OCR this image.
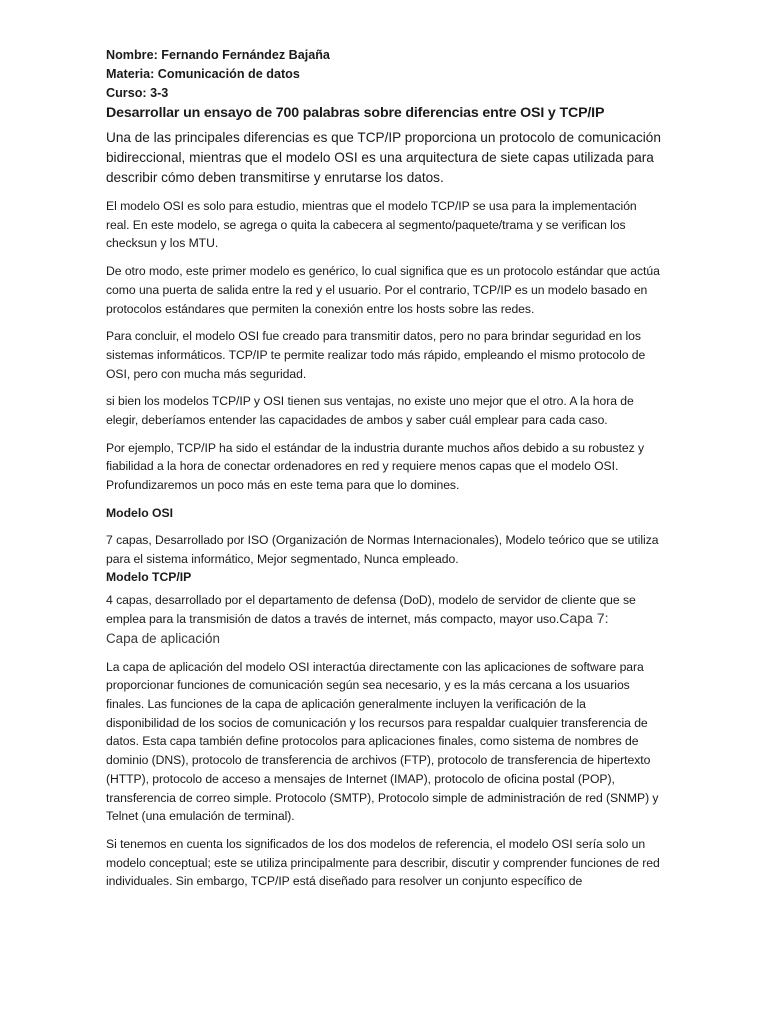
Nombre: Fernando Fernández Bajaña

Materia: Comunicación de datos

Curso: 3-3

Desarrollar un ensayo de 700 palabras sobre diferencias entre OSI y TCP/IP

Una de las principales diferencias es que TCP/IP proporciona un protocolo de comunicación bidireccional, mientras que el modelo OSI es una arquitectura de siete capas utilizada para describir cómo deben transmitirse y enrutarse los datos.

El modelo OSI es solo para estudio, mientras que el modelo TCP/IP se usa para la implementación real. En este modelo, se agrega o quita la cabecera al segmento/paquete/trama y se verifican los checksun y los MTU.

De otro modo, este primer modelo es genérico, lo cual significa que es un protocolo estándar que actúa como una puerta de salida entre la red y el usuario. Por el contrario, TCP/IP es un modelo basado en protocolos estándares que permiten la conexión entre los hosts sobre las redes.

Para concluir, el modelo OSI fue creado para transmitir datos, pero no para brindar seguridad en los sistemas informáticos. TCP/IP te permite realizar todo más rápido, empleando el mismo protocolo de OSI, pero con mucha más seguridad.

si bien los modelos TCP/IP y OSI tienen sus ventajas, no existe uno mejor que el otro. A la hora de elegir, deberíamos entender las capacidades de ambos y saber cuál emplear para cada caso.

Por ejemplo, TCP/IP ha sido el estándar de la industria durante muchos años debido a su robustez y fiabilidad a la hora de conectar ordenadores en red y requiere menos capas que el modelo OSI. Profundizaremos un poco más en este tema para que lo domines.

Modelo OSI

7 capas, Desarrollado por ISO (Organización de Normas Internacionales), Modelo teórico que se utiliza para el sistema informático, Mejor segmentado, Nunca empleado.

Modelo TCP/IP

4 capas, desarrollado por el departamento de defensa (DoD), modelo de servidor de cliente que se emplea para la transmisión de datos a través de internet, más compacto, mayor uso.Capa 7:

Capa de aplicación

La capa de aplicación del modelo OSI interactúa directamente con las aplicaciones de software para proporcionar funciones de comunicación según sea necesario, y es la más cercana a los usuarios finales. Las funciones de la capa de aplicación generalmente incluyen la verificación de la disponibilidad de los socios de comunicación y los recursos para respaldar cualquier transferencia de datos. Esta capa también define protocolos para aplicaciones finales, como sistema de nombres de dominio (DNS), protocolo de transferencia de archivos (FTP), protocolo de transferencia de hipertexto (HTTP), protocolo de acceso a mensajes de Internet (IMAP), protocolo de oficina postal (POP), transferencia de correo simple. Protocolo (SMTP), Protocolo simple de administración de red (SNMP) y Telnet (una emulación de terminal).

Si tenemos en cuenta los significados de los dos modelos de referencia, el modelo OSI sería solo un modelo conceptual; este se utiliza principalmente para describir, discutir y comprender funciones de red individuales. Sin embargo, TCP/IP está diseñado para resolver un conjunto específico de
